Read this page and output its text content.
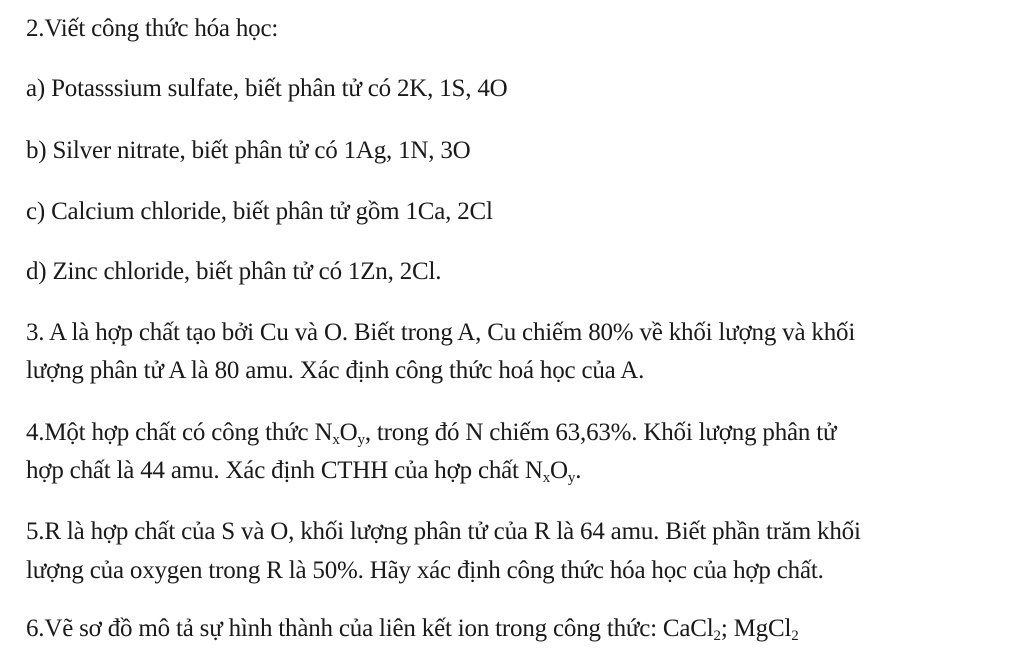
2.Viết công thức hóa học:
a) Potasssium sulfate, biết phân tử có 2K, 1S, 4O
b) Silver nitrate, biết phân tử có 1Ag, 1N, 3O
c) Calcium chloride, biết phân tử gồm 1Ca, 2Cl
d) Zinc chloride, biết phân tử có 1Zn, 2Cl.
3. A là hợp chất tạo bởi Cu và O. Biết trong A, Cu chiếm 80% về khối lượng và khối
lượng phân tử A là 80 amu. Xác định công thức hoá học của A.
4.Một hợp chất có công thức $N_xO_y$, trong đó N chiếm 63,63%. Khối lượng phân tử
hợp chất là 44 amu. Xác định CTHH của hợp chất $N_xO_y$.
5.R là hợp chất của S và O, khối lượng phân tử của R là 64 amu. Biết phần trăm khối
lượng của oxygen trong R là 50%. Hãy xác định công thức hóa học của hợp chất.
6.Vẽ sơ đồ mô tả sự hình thành của liên kết ion trong công thức: CaCl$_2$; MgCl$_2$
